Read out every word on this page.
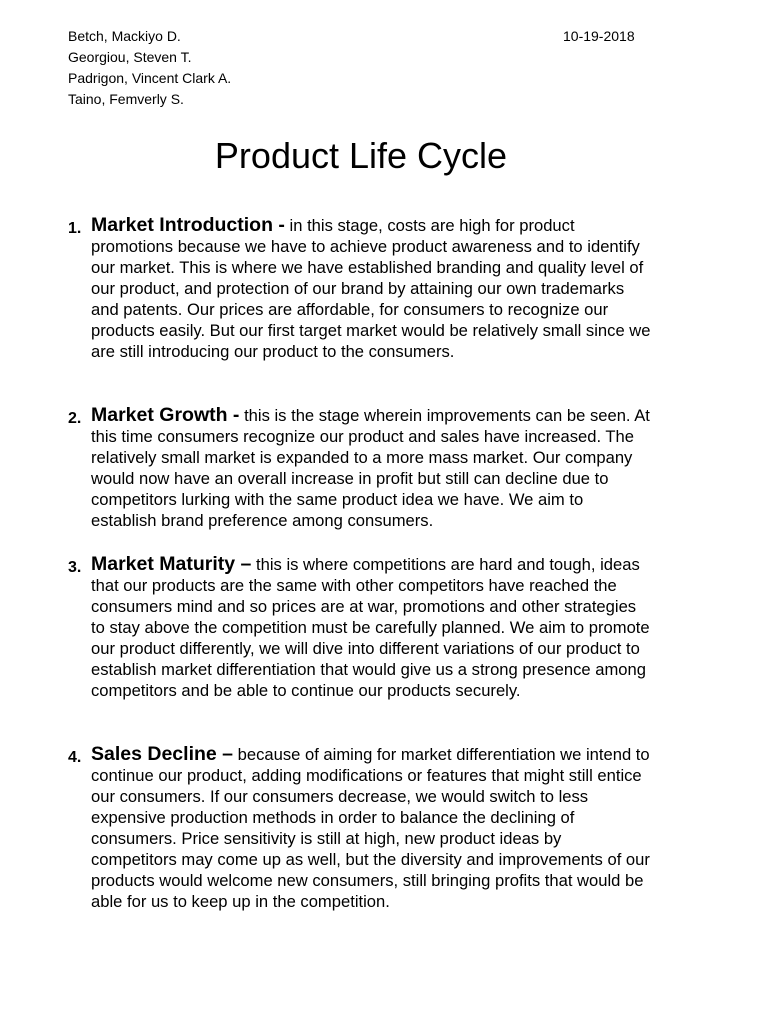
Betch, Mackiyo D.
Georgiou, Steven T.
Padrigon, Vincent Clark A.
Taino, Femverly S.
10-19-2018
Product Life Cycle
1. Market Introduction - in this stage, costs are high for product promotions because we have to achieve product awareness and to identify our market. This is where we have established branding and quality level of our product, and protection of our brand by attaining our own trademarks and patents. Our prices are affordable, for consumers to recognize our products easily. But our first target market would be relatively small since we are still introducing our product to the consumers.
2. Market Growth - this is the stage wherein improvements can be seen. At this time consumers recognize our product and sales have increased. The relatively small market is expanded to a more mass market. Our company would now have an overall increase in profit but still can decline due to competitors lurking with the same product idea we have. We aim to establish brand preference among consumers.
3. Market Maturity – this is where competitions are hard and tough, ideas that our products are the same with other competitors have reached the consumers mind and so prices are at war, promotions and other strategies to stay above the competition must be carefully planned. We aim to promote our product differently, we will dive into different variations of our product to establish market differentiation that would give us a strong presence among competitors and be able to continue our products securely.
4. Sales Decline – because of aiming for market differentiation we intend to continue our product, adding modifications or features that might still entice our consumers. If our consumers decrease, we would switch to less expensive production methods in order to balance the declining of consumers. Price sensitivity is still at high, new product ideas by competitors may come up as well, but the diversity and improvements of our products would welcome new consumers, still bringing profits that would be able for us to keep up in the competition.
